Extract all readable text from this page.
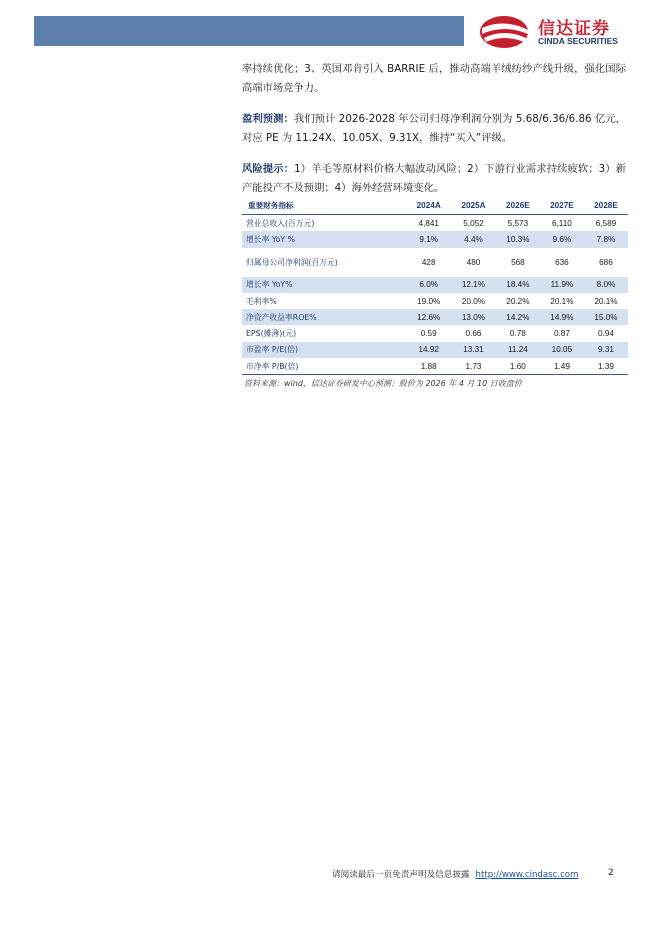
信达证券
CINDA SECURITIES

率持续优化；3、英国邓肯引入 BARRIE 后，推动高端羊绒纺纱产线升级，强化国际高端市场竞争力。

盈利预测：我们预计 2026-2028 年公司归母净利润分别为 5.68/6.36/6.86 亿元，对应 PE 为 11.24X、10.05X、9.31X，维持“买入”评级。

风险提示：1）羊毛等原材料价格大幅波动风险；2）下游行业需求持续疲软；3）新产能投产不及预期；4）海外经营环境变化。

重要财务指标	2024A	2025A	2026E	2027E	2028E
营业总收入(百万元)	4,841	5,052	5,573	6,110	6,589
增长率 YoY %	9.1%	4.4%	10.3%	9.6%	7.8%
归属母公司净利润(百万元)	428	480	568	636	686
增长率 YoY%	6.0%	12.1%	18.4%	11.9%	8.0%
毛利率%	19.0%	20.0%	20.2%	20.1%	20.1%
净资产收益率ROE%	12.6%	13.0%	14.2%	14.9%	15.0%
EPS(摊薄)(元)	0.59	0.66	0.78	0.87	0.94
市盈率 P/E(倍)	14.92	13.31	11.24	10.05	9.31
市净率 P/B(倍)	1.88	1.73	1.60	1.49	1.39
资料来源：wind，信达证券研发中心预测；股价为 2026 年 4 月 10 日收盘价
请阅读最后一页免责声明及信息披露 http://www.cindasc.com	2
